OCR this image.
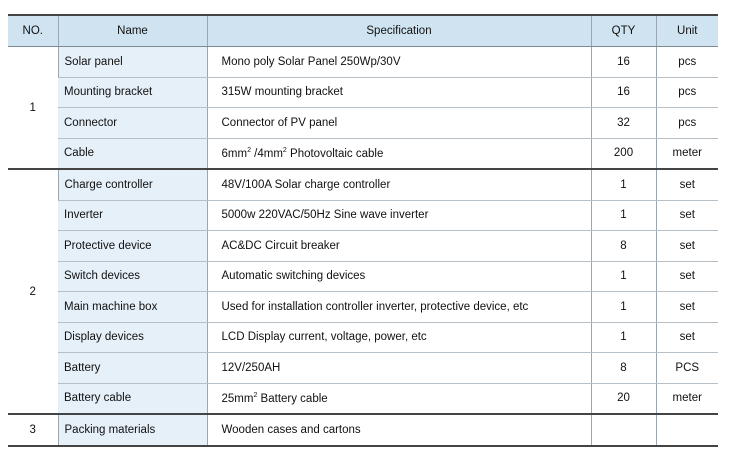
NO.	Name	Specification	QTY	Unit
1	Solar panel	Mono poly Solar Panel 250Wp/30V	16	pcs
	Mounting bracket	315W mounting bracket	16	pcs
	Connector	Connector of PV panel	32	pcs
	Cable	$6mm^2$ $/4mm^2$ Photovoltaic cable	200	meter
2	Charge controller	48V/100A Solar charge controller	1	set
	Inverter	5000w 220VAC/50Hz Sine wave inverter	1	set
	Protective device	AC&DC Circuit breaker	8	set
	Switch devices	Automatic switching devices	1	set
	Main machine box	Used for installation controller inverter, protective device, etc	1	set
	Display devices	LCD Display current, voltage, power, etc	1	set
	Battery	12V/250AH	8	PCS
	Battery cable	$25mm^2$ Battery cable	20	meter
3	Packing materials	Wooden cases and cartons		
